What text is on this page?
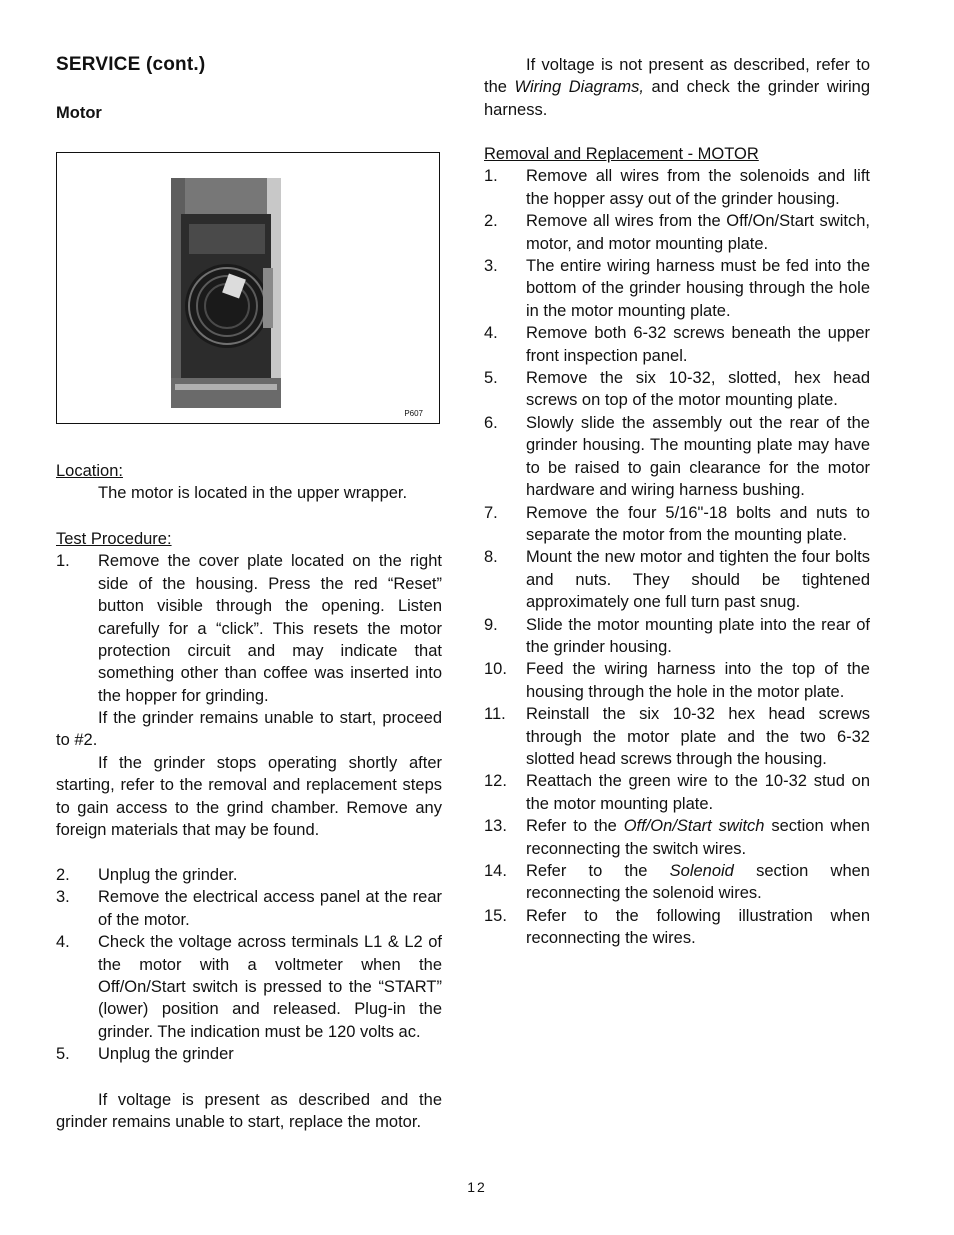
SERVICE (cont.)
Motor
P607
Location:
The motor is located in the upper wrapper.
Test Procedure:
1. Remove the cover plate located on the right side of the housing. Press the red “Reset” button visible through the opening. Listen carefully for a “click”. This resets the motor protection circuit and may indicate that something other than coffee was inserted into the hopper for grinding.

If the grinder remains unable to start, proceed to #2.

If the grinder stops operating shortly after starting, refer to the removal and replacement steps to gain access to the grind chamber. Remove any foreign materials that may be found.

2. Unplug the grinder.
3. Remove the electrical access panel at the rear of the motor.
4. Check the voltage across terminals L1 & L2 of the motor with a voltmeter when the Off/On/Start switch is pressed to the “START” (lower) position and released. Plug-in the grinder. The indication must be 120 volts ac.
5. Unplug the grinder

If voltage is present as described and the grinder remains unable to start, replace the motor.

If voltage is not present as described, refer to the Wiring Diagrams, and check the grinder wiring harness.

Removal and Replacement - MOTOR
1. Remove all wires from the solenoids and lift the hopper assy out of the grinder housing.
2. Remove all wires from the Off/On/Start switch, motor, and motor mounting plate.
3. The entire wiring harness must be fed into the bottom of the grinder housing through the hole in the motor mounting plate.
4. Remove both 6-32 screws beneath the upper front inspection panel.
5. Remove the six 10-32, slotted, hex head screws on top of the motor mounting plate.
6. Slowly slide the assembly out the rear of the grinder housing. The mounting plate may have to be raised to gain clearance for the motor hardware and wiring harness bushing.
7. Remove the four 5/16"-18 bolts and nuts to separate the motor from the mounting plate.
8. Mount the new motor and tighten the four bolts and nuts. They should be tightened approximately one full turn past snug.
9. Slide the motor mounting plate into the rear of the grinder housing.
10. Feed the wiring harness into the top of the housing through the hole in the motor plate.
11. Reinstall the six 10-32 hex head screws through the motor plate and the two 6-32 slotted head screws through the housing.
12. Reattach the green wire to the 10-32 stud on the motor mounting plate.
13. Refer to the Off/On/Start switch section when reconnecting the switch wires.
14. Refer to the Solenoid section when reconnecting the solenoid wires.
15. Refer to the following illustration when reconnecting the wires.
12
